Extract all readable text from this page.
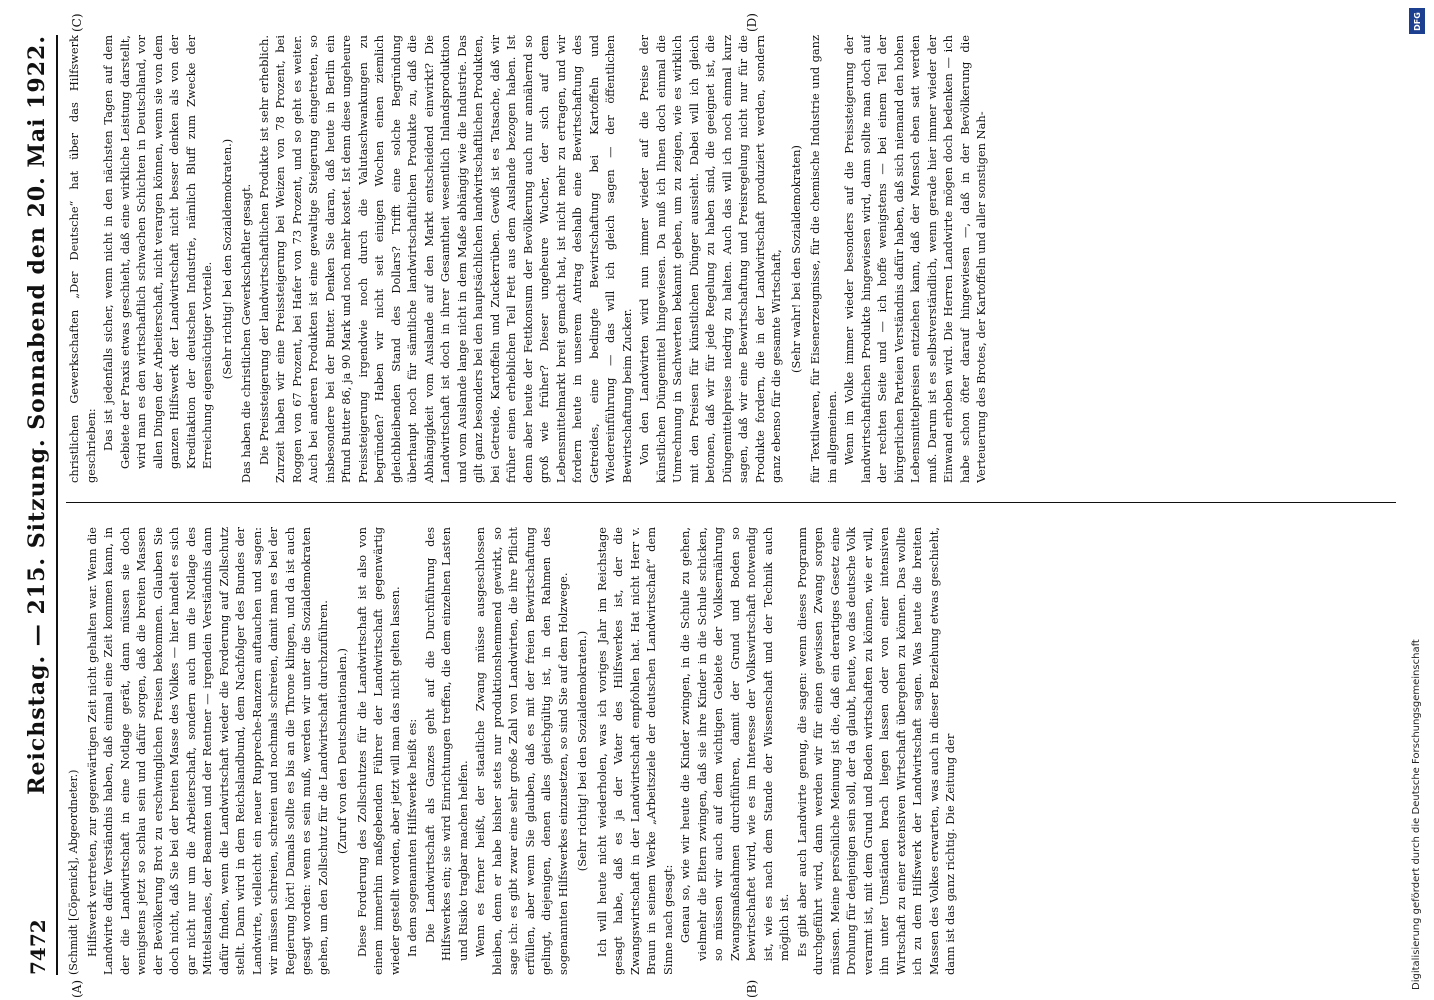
7472
Reichstag. — 215. Sitzung. Sonnabend den 20. Mai 1922.

(Schmidt [Cöpenick], Abgeordneter.) Hilfswerk vertreten, zur gegenwärtigen Zeit nicht gehalten war. Wenn die Landwirte dafür Verständnis haben, daß einmal eine Zeit kommen kann, in der die Landwirtschaft in eine Notlage gerät, dann müssen sie doch wenigstens jetzt so schlau sein und dafür sorgen, daß die breiten Massen der Bevölkerung Brot zu erschwinglichen Preisen bekommen. Glauben Sie doch nicht, daß Sie bei der breiten Masse des Volkes — hier handelt es sich gar nicht nur um die Arbeiterschaft, sondern auch um die Notlage des Mittelstandes, der Beamten und der Rentner — irgendein Verständnis dann dafür finden, wenn die Landwirtschaft wieder die Forderung auf Zollschutz stellt. Dann wird in dem Reichslandbund, dem Nachfolger des Bundes der Landwirte, vielleicht ein neuer Ruppreche-Ranzern auftauchen und sagen: wir müssen schreien, schreien und nochmals schreien, damit man es bei der Regierung hört! Damals sollte es bis an die Throne klingen, und da ist auch gesagt worden: wenn es sein muß, werden wir unter die Sozialdemokraten gehen, um den Zollschutz für die Landwirtschaft durchzuführen. (Zuruf von den Deutschnationalen.) Diese Forderung des Zollschutzes für die Landwirtschaft ist also von einem immerhin maßgebenden Führer der Landwirtschaft gegenwärtig wieder gestellt worden, aber jetzt will man das nicht gelten lassen. In dem sogenannten Hilfswerke heißt es: Die Landwirtschaft als Ganzes geht auf die Durchführung des Hilfswerkes ein; sie wird Einrichtungen treffen, die dem einzelnen Lasten und Risiko tragbar machen helfen. Wenn es ferner heißt, der staatliche Zwang müsse ausgeschlossen bleiben, denn er habe bisher stets nur produktionshemmend gewirkt, so sage ich: es gibt zwar eine sehr große Zahl von Landwirten, die ihre Pflicht erfüllen, aber wenn Sie glauben, daß es mit der freien Bewirtschaftung gelingt, diejenigen, denen alles gleichgültig ist, in den Rahmen des sogenannten Hilfswerkes einzusetzen, so sind Sie auf dem Holzwege. (Sehr richtig! bei den Sozialdemokraten.) Ich will heute nicht wiederholen, was ich voriges Jahr im Reichstage gesagt habe, daß es ja der Vater des Hilfswerkes ist, der die Zwangswirtschaft in der Landwirtschaft empfohlen hat. Hat nicht Herr v. Braun in seinem Werke „Arbeitsziele der deutschen Landwirtschaft“ dem Sinne nach gesagt: Genau so, wie wir heute die Kinder zwingen, in die Schule zu gehen, vielmehr die Eltern zwingen, daß sie ihre Kinder in die Schule schicken, so müssen wir auch auf dem wichtigen Gebiete der Volksernährung Zwangsmaßnahmen durchführen, damit der Grund und Boden so bewirtschaftet wird, wie es im Interesse der Volkswirtschaft notwendig ist, wie es nach dem Stande der Wissenschaft und der Technik auch möglich ist. Es gibt aber auch Landwirte genug, die sagen: wenn dieses Programm durchgeführt wird, dann werden wir für einen gewissen Zwang sorgen müssen. Meine persönliche Meinung ist die, daß ein derartiges Gesetz eine Drohung für denjenigen sein soll, der da glaubt, heute, wo das deutsche Volk verarmt ist, mit dem Grund und Boden wirtschaften zu können, wie er will, ihn unter Umständen brach liegen lassen oder von einer intensiven Wirtschaft zu einer extensiven Wirtschaft übergehen zu können. Das wollte ich zu dem Hilfswerk der Landwirtschaft sagen. Was heute die breiten Massen des Volkes erwarten, was auch in dieser Beziehung etwas geschieht, dann ist das ganz richtig. Die Zeitung der

christlichen Gewerkschaften „Der Deutsche“ hat über das Hilfswerk geschrieben: Das ist jedenfalls sicher, wenn nicht in den nächsten Tagen auf dem Gebiete der Praxis etwas geschieht, daß eine wirkliche Leistung darstellt, wird man es den wirtschaftlich schwachen Schichten in Deutschland, vor allen Dingen der Arbeiterschaft, nicht verargen können, wenn sie von dem ganzen Hilfswerk der Landwirtschaft nicht besser denken als von der Kreditaktion der deutschen Industrie, nämlich Bluff zum Zwecke der Erreichung eigensüchtiger Vorteile. (Sehr richtig! bei den Sozialdemokraten.) Das haben die christlichen Gewerkschaftler gesagt. Die Preissteigerung der landwirtschaftlichen Produkte ist sehr erheblich. Zurzeit haben wir eine Preissteigerung bei Weizen von 78 Prozent, bei Roggen von 67 Prozent, bei Hafer von 73 Prozent, und so geht es weiter. Auch bei anderen Produkten ist eine gewaltige Steigerung eingetreten, so insbesondere bei der Butter. Denken Sie daran, daß heute in Berlin ein Pfund Butter 86, ja 90 Mark und noch mehr kostet. Ist denn diese ungeheure Preissteigerung irgendwie noch durch die Valutaschwankungen zu begründen? Haben wir nicht seit einigen Wochen einen ziemlich gleichbleibenden Stand des Dollars? Trifft eine solche Begründung überhaupt noch für sämtliche landwirtschaftlichen Produkte zu, daß die Abhängigkeit vom Auslande auf den Markt entscheidend einwirkt? Die Landwirtschaft ist doch in ihrer Gesamtheit wesentlich Inlandsproduktion und vom Auslande lange nicht in dem Maße abhängig wie die Industrie. Das gilt ganz besonders bei den hauptsächlichen landwirtschaftlichen Produkten, bei Getreide, Kartoffeln und Zuckerrüben. Gewiß ist es Tatsache, daß wir früher einen erheblichen Teil Fett aus dem Auslande bezogen haben. Ist denn aber heute der Fettkonsum der Bevölkerung auch nur annähernd so groß wie früher? Dieser ungeheure Wucher, der sich auf dem Lebensmittelmarkt breit gemacht hat, ist nicht mehr zu ertragen, und wir fordern heute in unserem Antrag deshalb eine Bewirtschaftung des Getreides, eine bedingte Bewirtschaftung bei Kartoffeln und Wiedereinführung — das will ich gleich sagen — der öffentlichen Bewirtschaftung beim Zucker. Von den Landwirten wird nun immer wieder auf die Preise der künstlichen Düngemittel hingewiesen. Da muß ich Ihnen doch einmal die Umrechnung in Sachwerten bekannt geben, um zu zeigen, wie es wirklich mit den Preisen für künstlichen Dünger aussieht. Dabei will ich gleich betonen, daß wir für jede Regelung zu haben sind, die geeignet ist, die Düngemittelpreise niedrig zu halten. Auch das will ich noch einmal kurz sagen, daß wir eine Bewirtschaftung und Preisregelung nicht nur für die Produkte fordern, die in der Landwirtschaft produziert werden, sondern ganz ebenso für die gesamte Wirtschaft, (Sehr wahr! bei den Sozialdemokraten) für Textilwaren, für Eisenerzeugnisse, für die chemische Industrie und ganz im allgemeinen. Wenn im Volke immer wieder besonders auf die Preissteigerung der landwirtschaftlichen Produkte hingewiesen wird, dann sollte man doch auf der rechten Seite und — ich hoffe wenigstens — bei einem Teil der bürgerlichen Parteien Verständnis dafür haben, daß sich niemand den hohen Lebensmittelpreisen entziehen kann, daß der Mensch eben satt werden muß. Darum ist es selbstverständlich, wenn gerade hier immer wieder der Einwand erhoben wird. Die Herren Landwirte mögen doch bedenken — ich habe schon öfter darauf hingewiesen —, daß in der Bevölkerung die Verteuerung des Brotes, der Kartoffeln und aller sonstigen Nah-

(A)	(B)
(C)	(D)	DFG
Digitalisierung gefördert durch die Deutsche Forschungsgemeinschaft
